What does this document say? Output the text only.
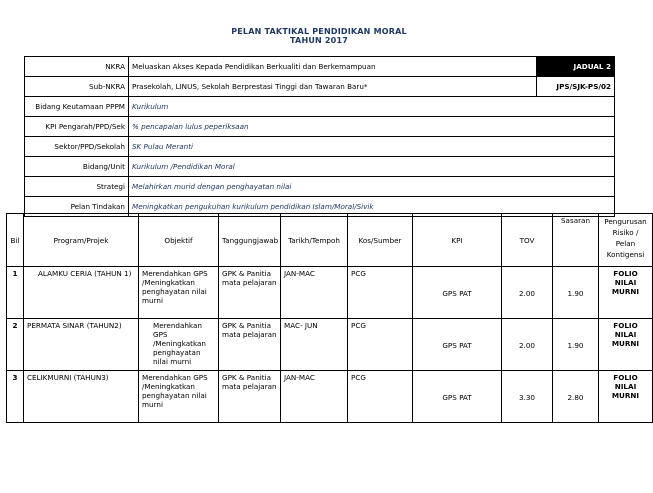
PELAN TAKTIKAL PENDIDIKAN MORAL
TAHUN 2017
NKRA	Meluaskan Akses Kepada Pendidikan Berkualiti dan Berkemampuan	JADUAL 2
Sub-NKRA	Prasekolah, LINUS, Sekolah Berprestasi Tinggi dan Tawaran Baru*	JPS/SJK-PS/02
Bidang Keutamaan PPPM	Kurikulum	
KPI Pengarah/PPD/Sek	% pencapaian lulus peperiksaan	
Sektor/PPD/Sekolah	SK Pulau Meranti	
Bidang/Unit	Kurikulum /Pendidikan Moral	
Strategi	Melahirkan murid dengan penghayatan nilai	
Pelan Tindakan	Meningkatkan pengukuhan kurikulum pendidikan Islam/Moral/Sivik	
Bil	Program/Projek	Objektif	Tanggungjawab	Tarikh/Tempoh	Kos/Sumber	KPI	TOV	Sasaran	Pengurusan Risiko / Pelan Kontigensi
1	ALAMKU CERIA (TAHUN 1)	Merendahkan GPS /Meningkatkan penghayatan nilai murni	GPK & Panitia mata pelajaran	JAN-MAC	PCG	GPS PAT	2.00	1.90	FOLIO NILAI MURNI
2	PERMATA SINAR (TAHUN2)	Merendahkan GPS /Meningkatkan penghayatan nilai murni	GPK & Panitia mata pelajaran	MAC- JUN	PCG	GPS PAT	2.00	1.90	FOLIO NILAI MURNI
3	CELIKMURNI (TAHUN3)	Merendahkan GPS /Meningkatkan penghayatan nilai murni	GPK & Panitia mata pelajaran	JAN-MAC	PCG	GPS PAT	3.30	2.80	FOLIO NILAI MURNI
